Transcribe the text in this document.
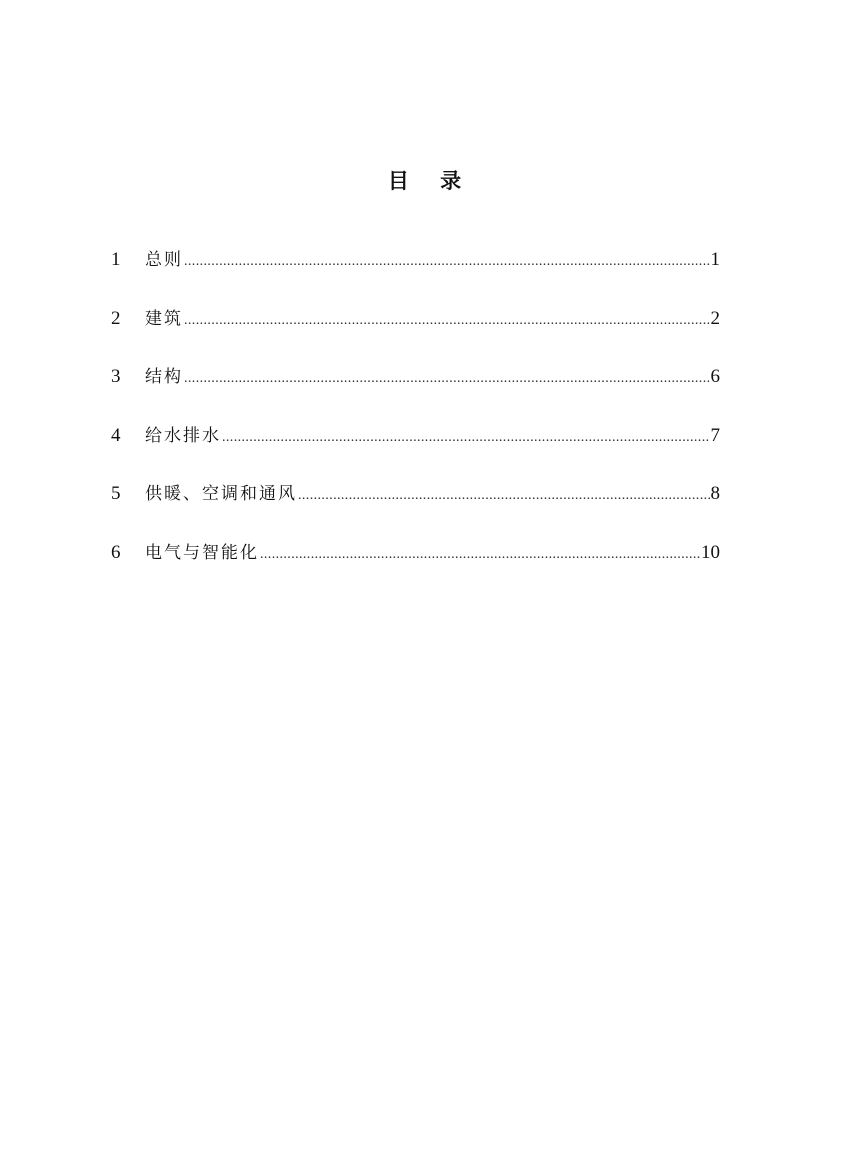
目 录
1	总则 .....	1
2	建筑 .....	2
3	结构 .....	6
4	给水排水 .....	7
5	供暖、空调和通风 .....	8
6	电气与智能化 .....	10
